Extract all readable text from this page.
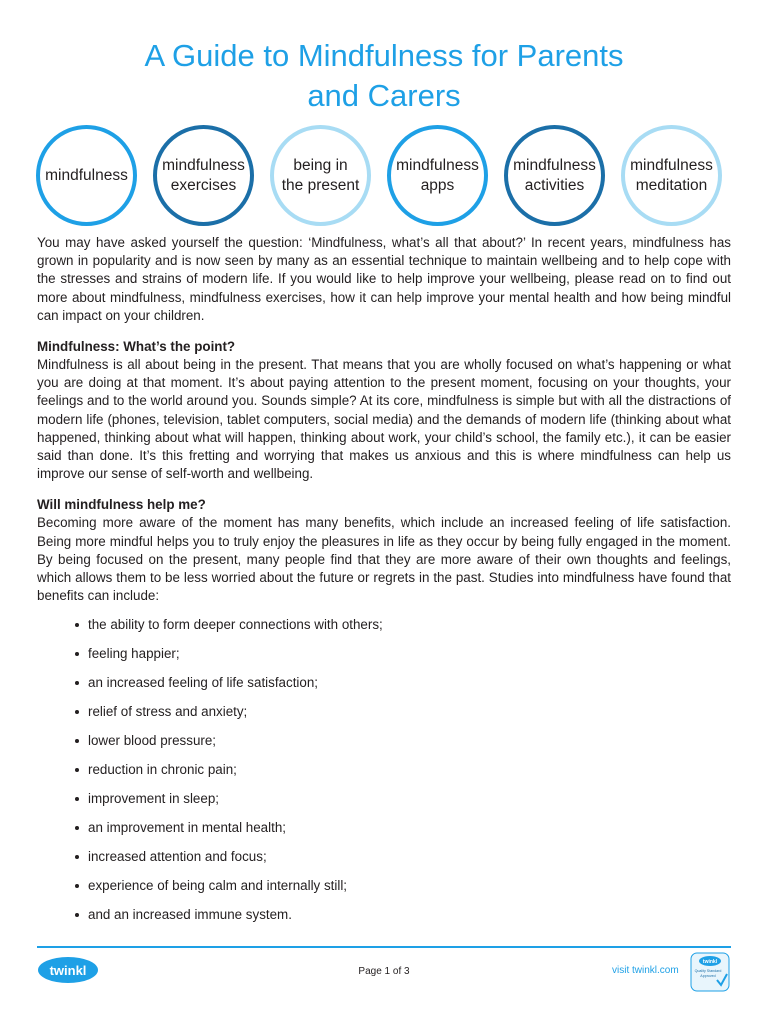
A Guide to Mindfulness for Parents
and Carers
mindfulness
mindfulness
exercises
being in
the present
mindfulness
apps
mindfulness
activities
mindfulness
meditation

You may have asked yourself the question: ‘Mindfulness, what’s all that about?’ In recent years, mindfulness has grown in popularity and is now seen by many as an essential technique to maintain wellbeing and to help cope with the stresses and strains of modern life. If you would like to help improve your wellbeing, please read on to find out more about mindfulness, mindfulness exercises, how it can help improve your mental health and how being mindful can impact on your children.

Mindfulness: What’s the point?

Mindfulness is all about being in the present. That means that you are wholly focused on what’s happening or what you are doing at that moment. It’s about paying attention to the present moment, focusing on your thoughts, your feelings and to the world around you. Sounds simple? At its core, mindfulness is simple but with all the distractions of modern life (phones, television, tablet computers, social media) and the demands of modern life (thinking about what happened, thinking about what will happen, thinking about work, your child’s school, the family etc.), it can be easier said than done. It’s this fretting and worrying that makes us anxious and this is where mindfulness can help us improve our sense of self-worth and wellbeing.

Will mindfulness help me?

Becoming more aware of the moment has many benefits, which include an increased feeling of life satisfaction. Being more mindful helps you to truly enjoy the pleasures in life as they occur by being fully engaged in the moment. By being focused on the present, many people find that they are more aware of their own thoughts and feelings, which allows them to be less worried about the future or regrets in the past. Studies into mindfulness have found that benefits can include:

the ability to form deeper connections with others;
feeling happier;
an increased feeling of life satisfaction;
relief of stress and anxiety;
lower blood pressure;
reduction in chronic pain;
improvement in sleep;
an improvement in mental health;
increased attention and focus;
experience of being calm and internally still;
and an increased immune system.
twinkl	Page 1 of 3	visit twinkl.com
twinkl
Quality Standard
Approved
